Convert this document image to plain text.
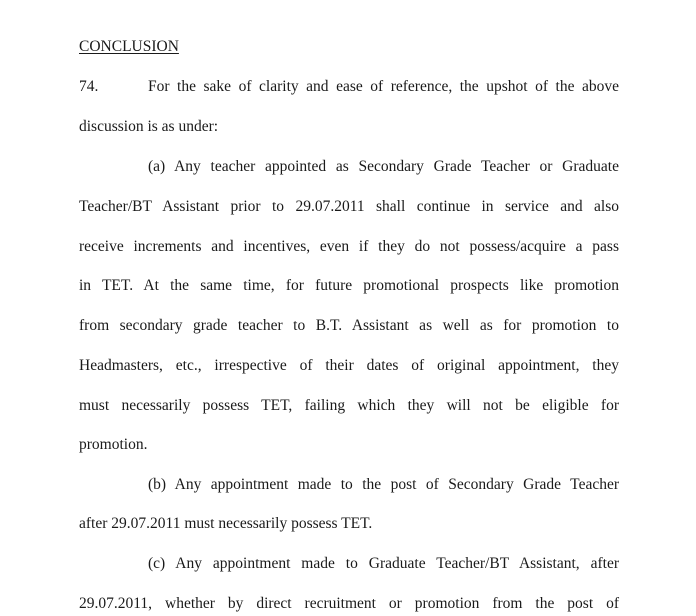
CONCLUSION
74.	For the sake of clarity and ease of reference, the upshot of the above
discussion is as under:
(a) Any teacher appointed as Secondary Grade Teacher or Graduate
Teacher/BT Assistant prior to 29.07.2011 shall continue in service and also
receive increments and incentives, even if they do not possess/acquire a pass
in TET. At the same time, for future promotional prospects like promotion
from secondary grade teacher to B.T. Assistant as well as for promotion to
Headmasters, etc., irrespective of their dates of original appointment, they
must necessarily possess TET, failing which they will not be eligible for
promotion.
(b) Any appointment made to the post of Secondary Grade Teacher
after 29.07.2011 must necessarily possess TET.
(c) Any appointment made to Graduate Teacher/BT Assistant, after
29.07.2011, whether by direct recruitment or promotion from the post of
